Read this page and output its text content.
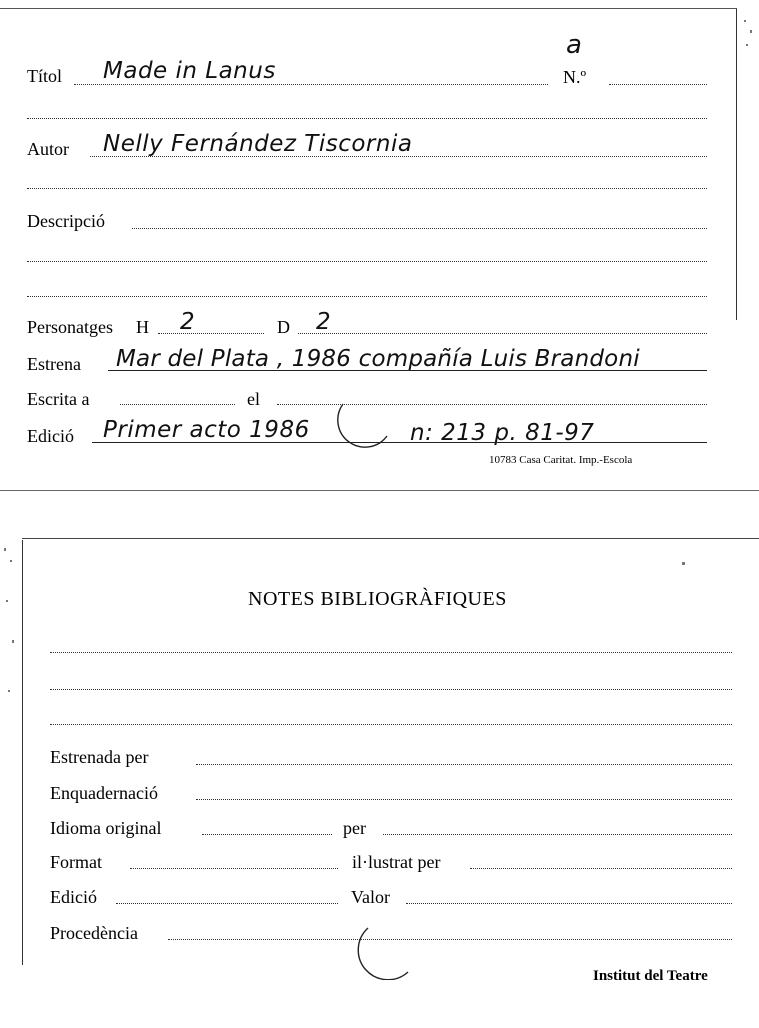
Títol Made in Lanus
a
N.º
Autor Nelly Fernández Tiscornia
Descripció
Personatges H 2	D 2
Estrena Mar del Plata , 1986 compañía Luis Brandoni
Escrita a	el
Edició Primer acto 1986	n: 213 p. 81-97
10783 Casa Caritat. Imp.-Escola
NOTES BIBLIOGRÀFIQUES
Estrenada per
Enquadernació
Idioma original	per
Format	il·lustrat per
Edició	Valor
Procedència
Institut del Teatre
